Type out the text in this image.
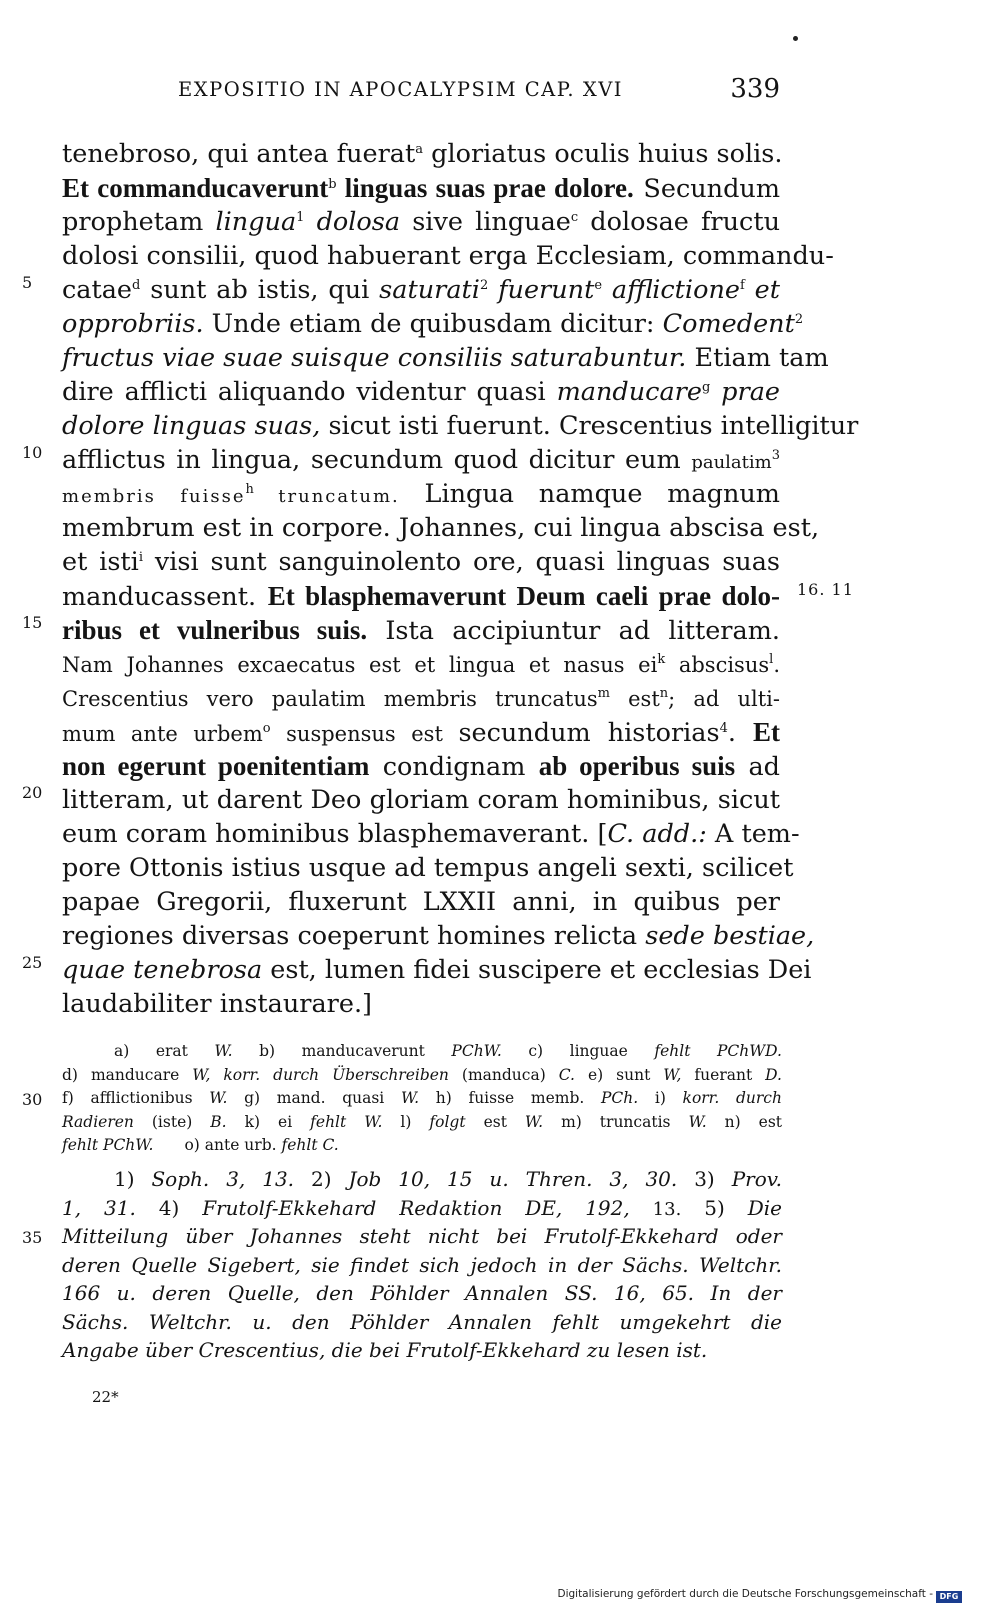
EXPOSITIO IN APOCALYPSIM CAP. XVI	339
5
10
15
20
25
30
35
16. 11
tenebroso, qui antea fuerat$^a$ gloriatus oculis huius solis.
Et commanducaverunt$^b$ linguas suas prae dolore. Secundum
prophetam lingua$^1$ dolosa sive linguae$^c$ dolosae fructu
dolosi consilii, quod habuerant erga Ecclesiam, commandu-
catae$^d$ sunt ab istis, qui saturati$^2$ fuerunt$^e$ afflictione$^f$ et
opprobriis. Unde etiam de quibusdam dicitur: Comedent$^2$
fructus viae suae suisque consiliis saturabuntur. Etiam tam
dire afflicti aliquando videntur quasi manducare$^g$ prae
dolore linguas suas, sicut isti fuerunt. Crescentius intelligitur
afflictus in lingua, secundum quod dicitur eum paulatim$^3$
membris fuisse$^h$ truncatum. Lingua namque magnum
membrum est in corpore. Johannes, cui lingua abscisa est,
et isti$^i$ visi sunt sanguinolento ore, quasi linguas suas
manducassent. Et blasphemaverunt Deum caeli prae dolo-
ribus et vulneribus suis. Ista accipiuntur ad litteram.
Nam Johannes excaecatus est et lingua et nasus $ei^k$ abscisus$^l$.
Crescentius vero paulatim membris truncatus$^m$ est$^n$; ad ulti-
mum ante urbem$^o$ suspensus est secundum historias$^4$. Et
non egerunt poenitentiam condignam ab operibus suis ad
litteram, ut darent Deo gloriam coram hominibus, sicut
eum coram hominibus blasphemaverant. [C. add.: A tem-
pore Ottonis istius usque ad tempus angeli sexti, scilicet
papae Gregorii, fluxerunt LXXII anni, in quibus per
regiones diversas coeperunt homines relicta sede bestiae,
quae tenebrosa est, lumen fidei suscipere et ecclesias Dei
laudabiliter instaurare.]
a) erat W. b) manducaverunt PChW. c) linguae fehlt PChWD.
d) manducare W, korr. durch Überschreiben (manduca) C. e) sunt W, fuerant D.
f) afflictionibus W. g) mand. quasi W. h) fuisse memb. PCh. i) korr. durch
Radieren (iste) B. k) ei fehlt W. l) folgt est W. m) truncatis W. n) est
fehlt PChW.   o) ante urb. fehlt C.
1) Soph. 3, 13. 2) Job 10, 15 u. Thren. 3, 30. 3) Prov.
1, 31. 4) Frutolf-Ekkehard Redaktion DE, 192, 13. 5) Die
Mitteilung über Johannes steht nicht bei Frutolf-Ekkehard oder
deren Quelle Sigebert, sie findet sich jedoch in der Sächs. Weltchr.
166 u. deren Quelle, den Pöhlder Annalen SS. 16, 65. In der
Sächs. Weltchr. u. den Pöhlder Annalen fehlt umgekehrt die
Angabe über Crescentius, die bei Frutolf-Ekkehard zu lesen ist.
22*
Digitalisierung gefördert durch die Deutsche Forschungsgemeinschaft - DFG
